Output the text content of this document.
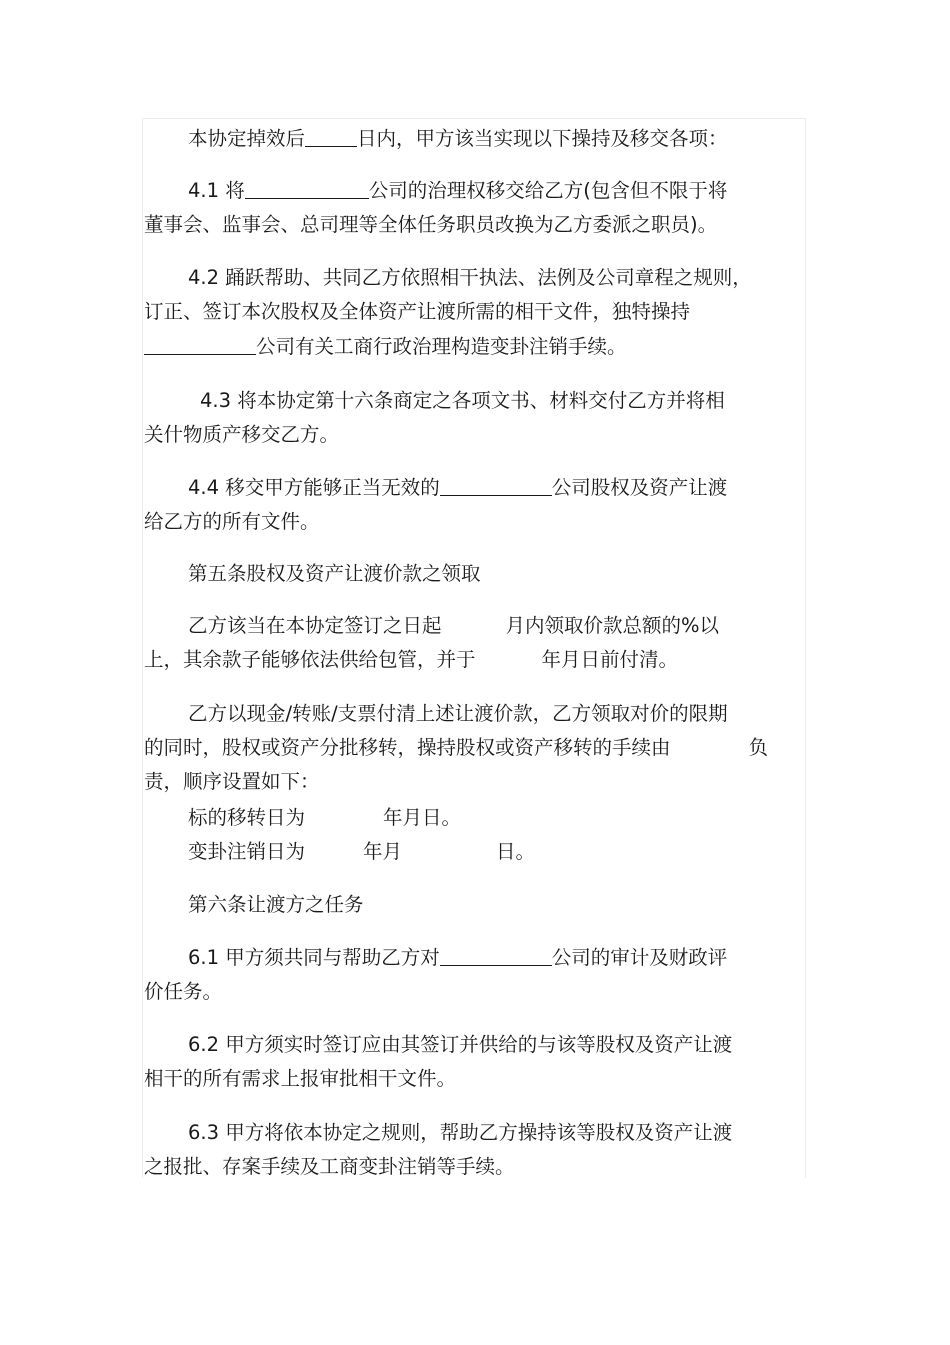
本协定掉效后	日内，甲方该当实现以下操持及移交各项：
4.1 将	公司的治理权移交给乙方(包含但不限于将
董事会、监事会、总司理等全体任务职员改换为乙方委派之职员)。
4.2 踊跃帮助、共同乙方依照相干执法、法例及公司章程之规则，
订正、签订本次股权及全体资产让渡所需的相干文件，独特操持
公司有关工商行政治理构造变卦注销手续。
4.3 将本协定第十六条商定之各项文书、材料交付乙方并将相
关什物质产移交乙方。
4.4 移交甲方能够正当无效的	公司股权及资产让渡
给乙方的所有文件。
第五条股权及资产让渡价款之领取
乙方该当在本协定签订之日起	月内领取价款总额的%以
上，其余款子能够依法供给包管，并于	年月日前付清。
乙方以现金/转账/支票付清上述让渡价款，乙方领取对价的限期
的同时，股权或资产分批移转，操持股权或资产移转的手续由	负
责，顺序设置如下：
标的移转日为	年月日。
变卦注销日为	年月	日。
第六条让渡方之任务
6.1 甲方须共同与帮助乙方对	公司的审计及财政评
价任务。
6.2 甲方须实时签订应由其签订并供给的与该等股权及资产让渡
相干的所有需求上报审批相干文件。
6.3 甲方将依本协定之规则，帮助乙方操持该等股权及资产让渡
之报批、存案手续及工商变卦注销等手续。
